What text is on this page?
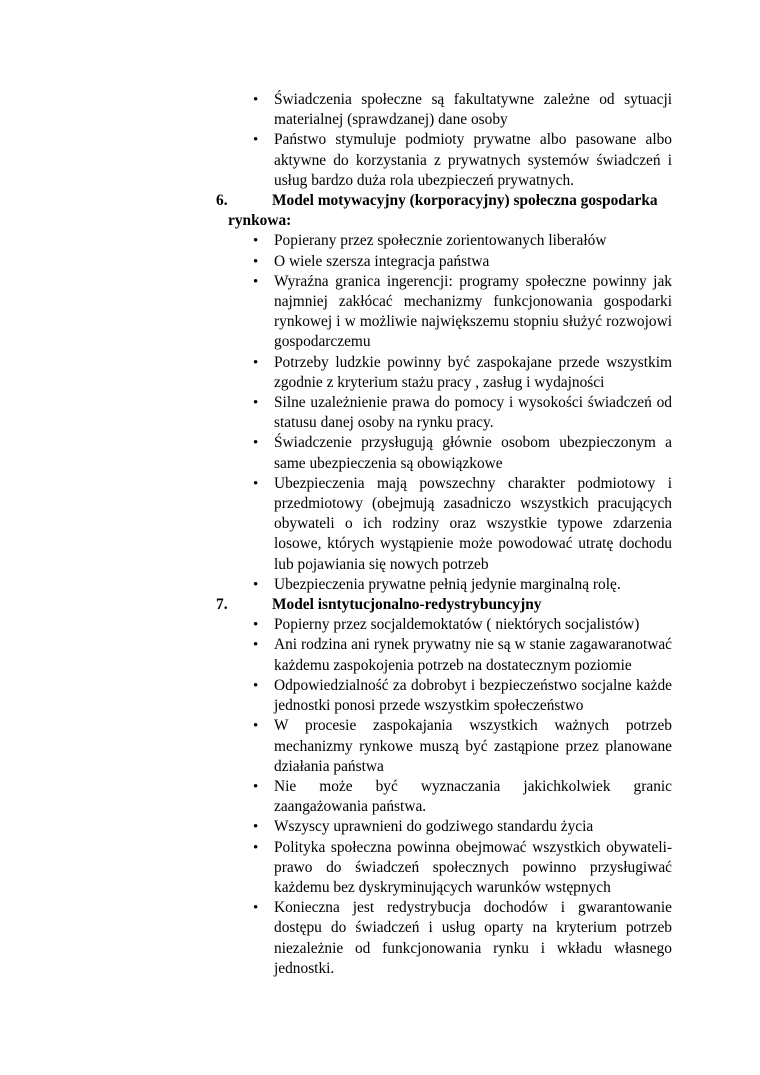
• Świadczenia społeczne są fakultatywne zależne od sytuacji materialnej (sprawdzanej) dane osoby
• Państwo stymuluje podmioty prywatne albo pasowane albo aktywne do korzystania z prywatnych systemów świadczeń i usług bardzo duża rola ubezpieczeń prywatnych.
6.	Model motywacyjny (korporacyjny) społeczna gospodarka
rynkowa:
• Popierany przez społecznie zorientowanych liberałów
• O wiele szersza integracja państwa
• Wyraźna granica ingerencji: programy społeczne powinny jak najmniej zakłócać mechanizmy funkcjonowania gospodarki rynkowej i w możliwie największemu stopniu służyć rozwojowi gospodarczemu
• Potrzeby ludzkie powinny być zaspokajane przede wszystkim zgodnie z kryterium stażu pracy , zasług i wydajności
• Silne uzależnienie prawa do pomocy i wysokości świadczeń od statusu danej osoby na rynku pracy.
• Świadczenie przysługują głównie osobom ubezpieczonym a same ubezpieczenia są obowiązkowe
• Ubezpieczenia mają powszechny charakter podmiotowy i przedmiotowy (obejmują zasadniczo wszystkich pracujących obywateli o ich rodziny oraz wszystkie typowe zdarzenia losowe, których wystąpienie może powodować utratę dochodu lub pojawiania się nowych potrzeb
• Ubezpieczenia prywatne pełnią jedynie marginalną rolę.
7.	Model isntytucjonalno-redystrybuncyjny
• Popierny przez socjaldemoktatów ( niektórych socjalistów)
• Ani rodzina ani rynek prywatny nie są w stanie zagawaranotwać każdemu zaspokojenia potrzeb na dostatecznym poziomie
• Odpowiedzialność za dobrobyt i bezpieczeństwo socjalne każde jednostki ponosi przede wszystkim społeczeństwo
• W procesie zaspokajania wszystkich ważnych potrzeb mechanizmy rynkowe muszą być zastąpione przez planowane działania państwa
• Nie może być wyznaczania jakichkolwiek granic zaangażowania państwa.
• Wszyscy uprawnieni do godziwego standardu życia
• Polityka społeczna powinna obejmować wszystkich obywateli- prawo do świadczeń społecznych powinno przysługiwać każdemu bez dyskryminujących warunków wstępnych
• Konieczna jest redystrybucja dochodów i gwarantowanie dostępu do świadczeń i usług oparty na kryterium potrzeb niezależnie od funkcjonowania rynku i wkładu własnego jednostki.
